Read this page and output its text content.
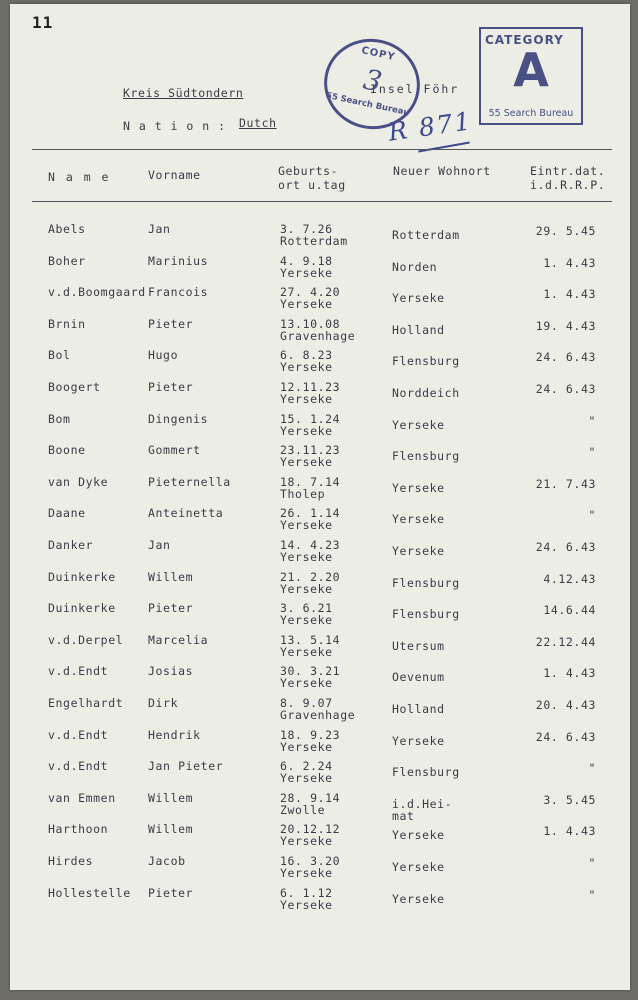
11
Kreis Südtondern	Insel Föhr
N a t i o n : Dutch
COPY
3
55 Search Bureau
CATEGORY
A
55 Search Bureau
R 871
N a m e	Vorname	Geburts-
ort u.tag
Neuer Wohnort	Eintr.dat.
i.d.R.R.P.
Abels	Jan	3. 7.26
Rotterdam	Rotterdam	29. 5.45
Boher	Marinius	4. 9.18
Yerseke	Norden	1. 4.43
v.d.Boomgaard Francois	27. 4.20
Yerseke	Yerseke	1. 4.43
Brnin	Pieter	13.10.08
Gravenhage	Holland	19. 4.43
Bol	Hugo	6. 8.23
Yerseke	Flensburg	24. 6.43
Boogert	Pieter	12.11.23
Yerseke	Norddeich	24. 6.43
Bom	Dingenis	15. 1.24
Yerseke	Yerseke	"
Boone	Gommert	23.11.23
Yerseke	Flensburg	"
van Dyke	Pieternella	18. 7.14
Tholep	Yerseke	21. 7.43
Daane	Anteinetta	26. 1.14
Yerseke	Yerseke	"
Danker	Jan	14. 4.23
Yerseke	Yerseke	24. 6.43
Duinkerke	Willem	21. 2.20
Yerseke	Flensburg	4.12.43
Duinkerke	Pieter	3. 6.21
Yerseke	Flensburg	14.6.44
v.d.Derpel Marcelia	13. 5.14
Yerseke	Utersum	22.12.44
v.d.Endt	Josias	30. 3.21
Yerseke	Oevenum	1. 4.43
Engelhardt Dirk	8. 9.07
Gravenhage	Holland	20. 4.43
v.d.Endt	Hendrik	18. 9.23
Yerseke	Yerseke	24. 6.43
v.d.Endt	Jan Pieter	6. 2.24
Yerseke	Flensburg	"
van Emmen	Willem	28. 9.14
Zwolle	i.d.Hei-	3. 5.45
mat
Harthoon	Willem	20.12.12
Yerseke	Yerseke	1. 4.43
Hirdes	Jacob	16. 3.20
Yerseke	Yerseke	"
Hollestelle Pieter	6. 1.12
Yerseke	Yerseke	"
